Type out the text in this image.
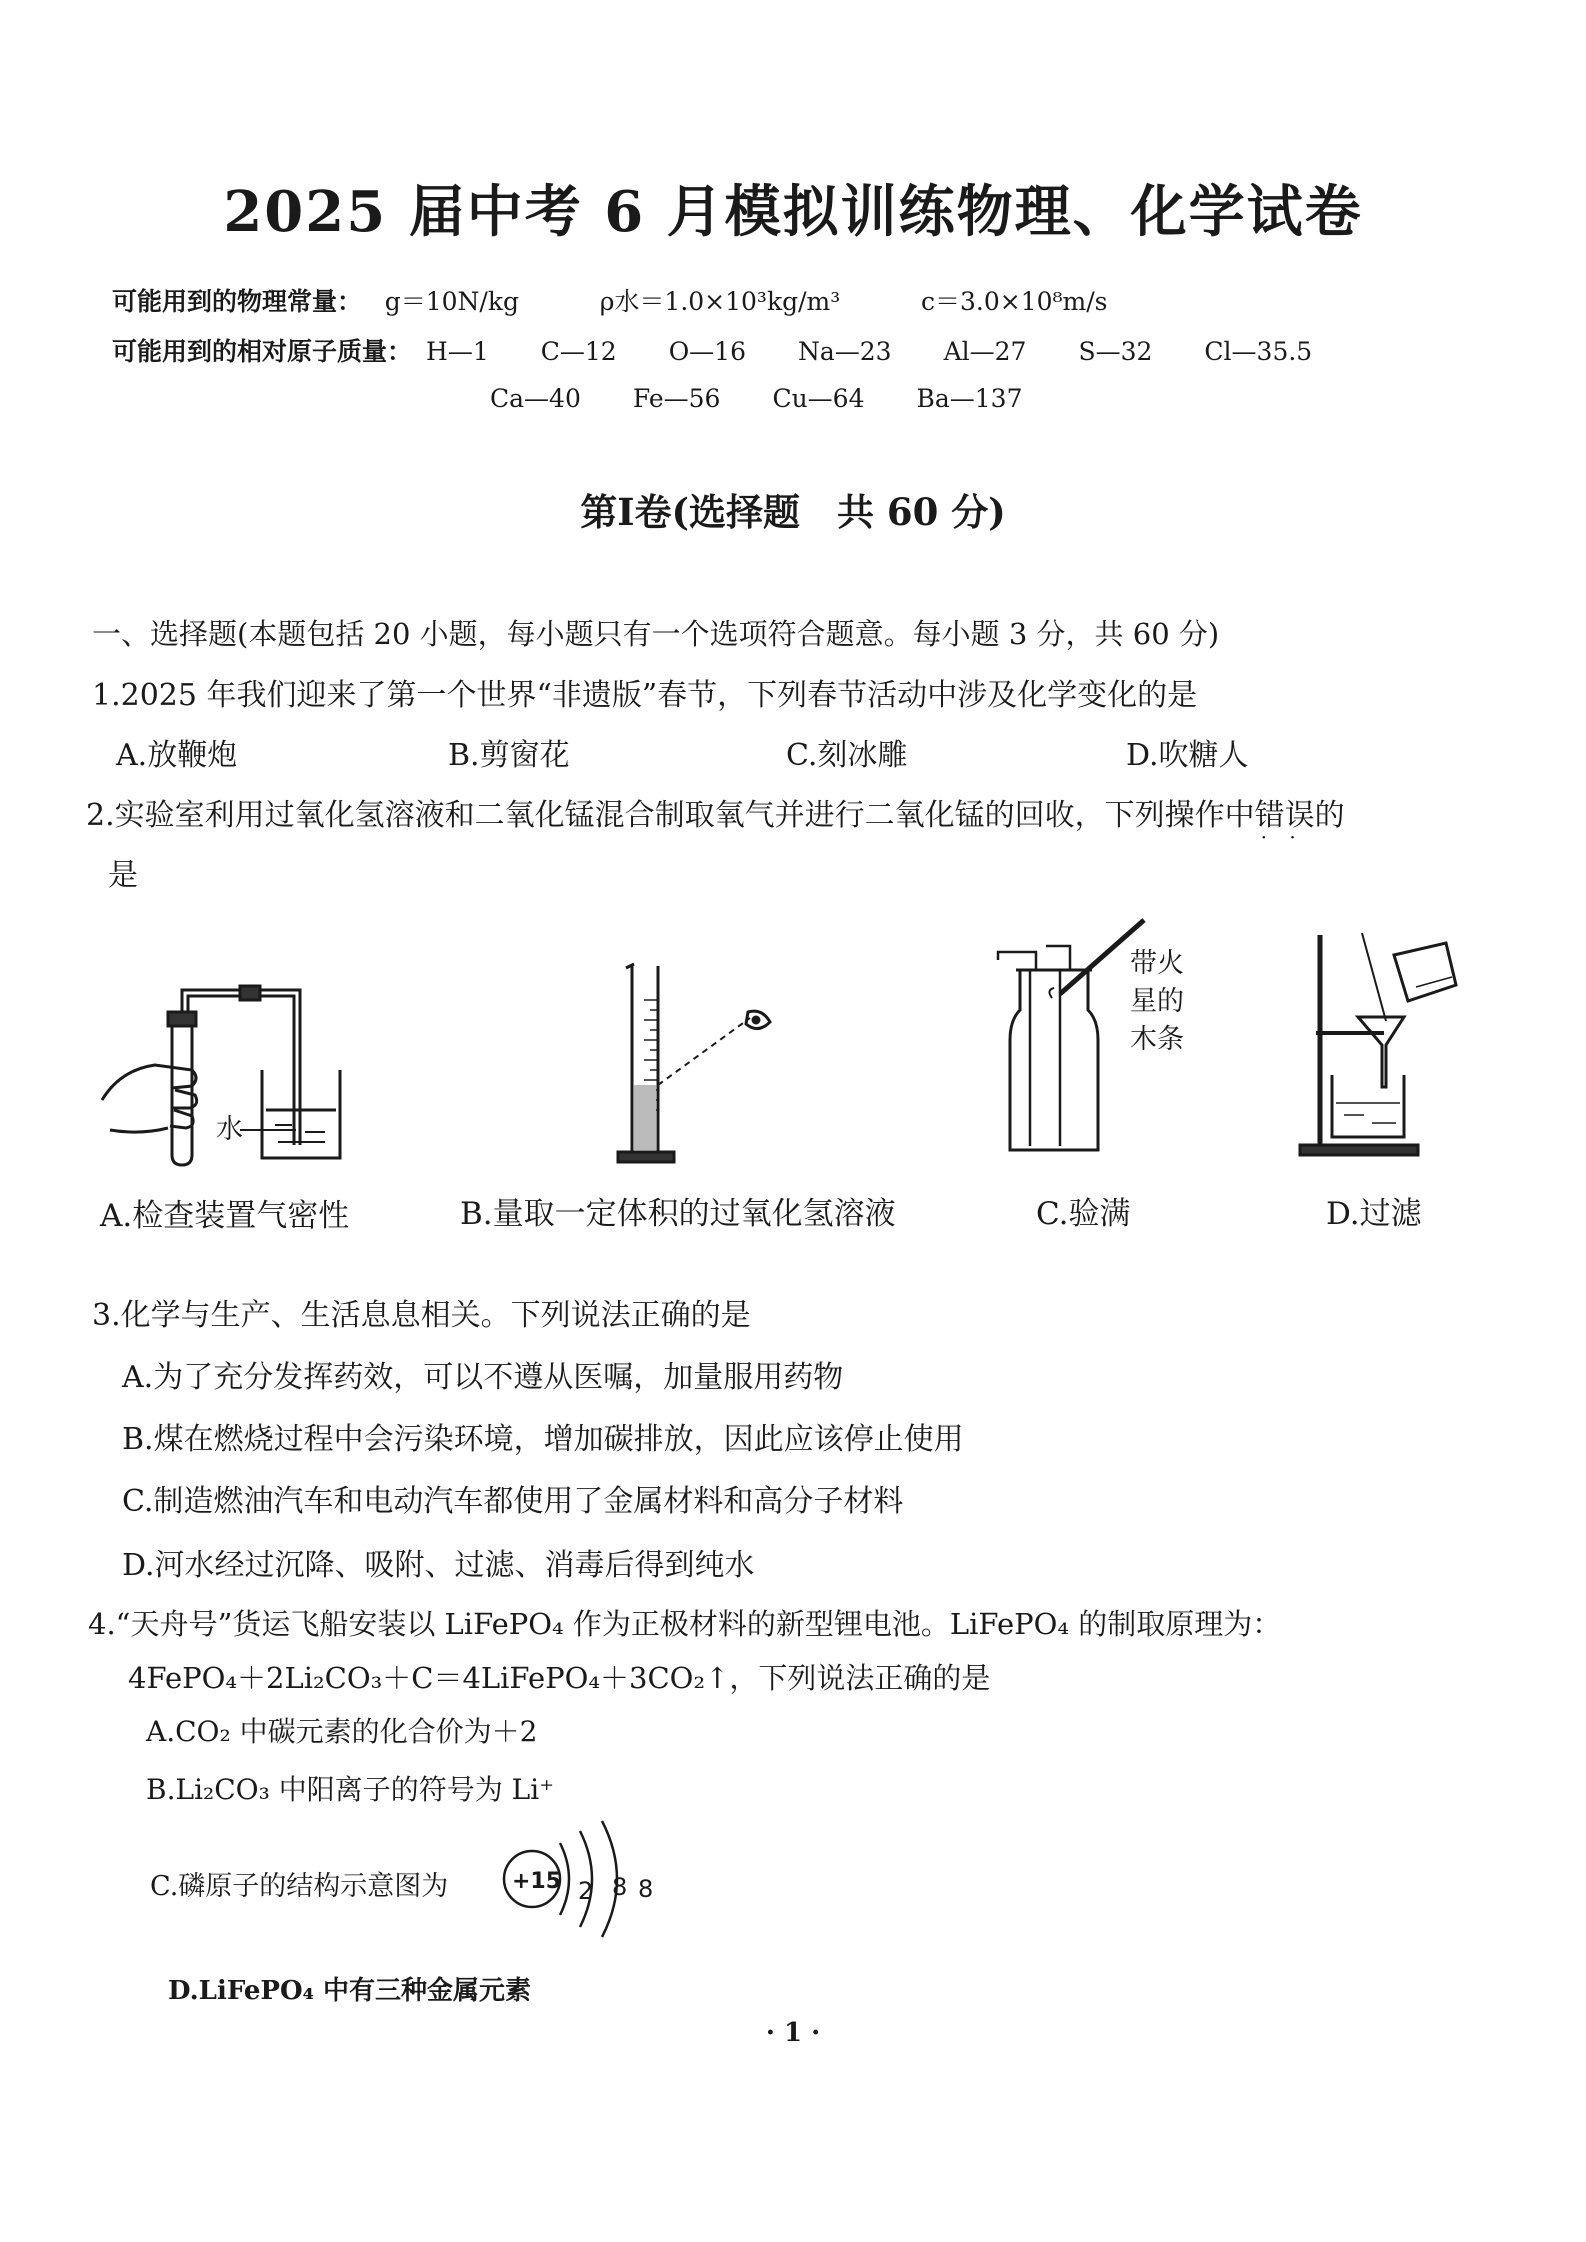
2025 届中考 6 月模拟训练物理、化学试卷
可能用到的物理常量： g＝10N/kg	ρ水＝1.0×10³kg/m³	c＝3.0×10⁸m/s
可能用到的相对原子质量： H—1 C—12 O—16 Na—23 Al—27 S—32 Cl—35.5
Ca—40 Fe—56 Cu—64 Ba—137
第Ⅰ卷(选择题　共 60 分)
一、选择题(本题包括 20 小题，每小题只有一个选项符合题意。每小题 3 分，共 60 分)
1.2025 年我们迎来了第一个世界“非遗版”春节，下列春节活动中涉及化学变化的是
A.放鞭炮	B.剪窗花	C.刻冰雕	D.吹糖人
2.实验室利用过氧化氢溶液和二氧化锰混合制取氧气并进行二氧化锰的回收，下列操作中错误 · ·的
是
水
带火
星的
木条
A.检查装置气密性	B.量取一定体积的过氧化氢溶液	C.验满	D.过滤
3.化学与生产、生活息息相关。下列说法正确的是
A.为了充分发挥药效，可以不遵从医嘱，加量服用药物
B.煤在燃烧过程中会污染环境，增加碳排放，因此应该停止使用
C.制造燃油汽车和电动汽车都使用了金属材料和高分子材料
D.河水经过沉降、吸附、过滤、消毒后得到纯水
4.“天舟号”货运飞船安装以 LiFePO₄ 作为正极材料的新型锂电池。LiFePO₄ 的制取原理为：
4FePO₄＋2Li₂CO₃＋C＝4LiFePO₄＋3CO₂↑，下列说法正确的是
A.CO₂ 中碳元素的化合价为＋2
B.Li₂CO₃ 中阳离子的符号为 Li⁺
C.磷原子的结构示意图为	+15 2 8 8
D.LiFePO₄ 中有三种金属元素
· 1 ·
